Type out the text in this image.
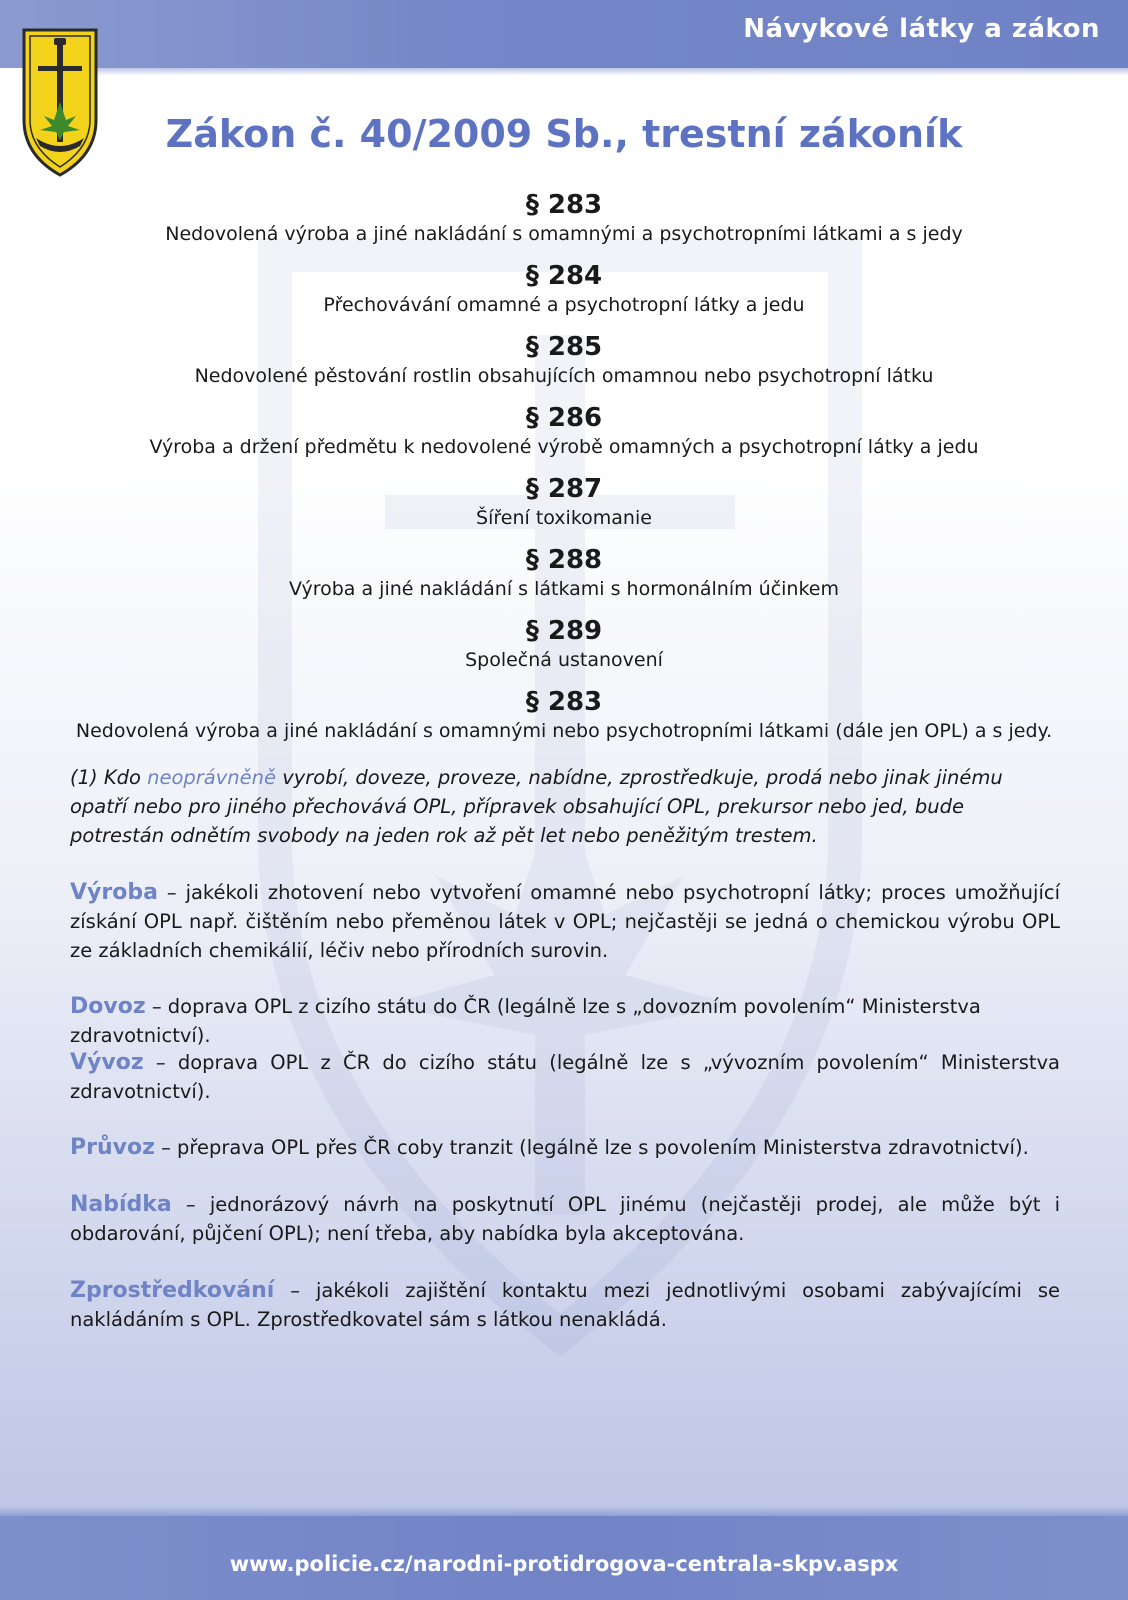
Návykové látky a zákon
Zákon č. 40/2009 Sb., trestní zákoník
§ 283
Nedovolená výroba a jiné nakládání s omamnými a psychotropními látkami a s jedy
§ 284
Přechovávání omamné a psychotropní látky a jedu
§ 285
Nedovolené pěstování rostlin obsahujících omamnou nebo psychotropní látku
§ 286
Výroba a držení předmětu k nedovolené výrobě omamných a psychotropní látky a jedu
§ 287
Šíření toxikomanie
§ 288
Výroba a jiné nakládání s látkami s hormonálním účinkem
§ 289
Společná ustanovení
§ 283
Nedovolená výroba a jiné nakládání s omamnými nebo psychotropními látkami (dále jen OPL) a s jedy.

(1) Kdo neoprávněně vyrobí, doveze, proveze, nabídne, zprostředkuje, prodá nebo jinak jinému opatří nebo pro jiného přechovává OPL, přípravek obsahující OPL, prekursor nebo jed, bude potrestán odnětím svobody na jeden rok až pět let nebo peněžitým trestem.

Výroba – jakékoli zhotovení nebo vytvoření omamné nebo psychotropní látky; proces umožňující získání OPL např. čištěním nebo přeměnou látek v OPL; nejčastěji se jedná o chemickou výrobu OPL ze základních chemikálií, léčiv nebo přírodních surovin.

Dovoz – doprava OPL z cizího státu do ČR (legálně lze s „dovozním povolením“ Ministerstva zdravotnictví).

Vývoz – doprava OPL z ČR do cizího státu (legálně lze s „vývozním povolením“ Ministerstva zdravotnictví).

Průvoz – přeprava OPL přes ČR coby tranzit (legálně lze s povolením Ministerstva zdravotnictví).

Nabídka – jednorázový návrh na poskytnutí OPL jinému (nejčastěji prodej, ale může být i obdarování, půjčení OPL); není třeba, aby nabídka byla akceptována.

Zprostředkování – jakékoli zajištění kontaktu mezi jednotlivými osobami zabývajícími se nakládáním s OPL. Zprostředkovatel sám s látkou nenakládá.

www.policie.cz/narodni-protidrogova-centrala-skpv.aspx
